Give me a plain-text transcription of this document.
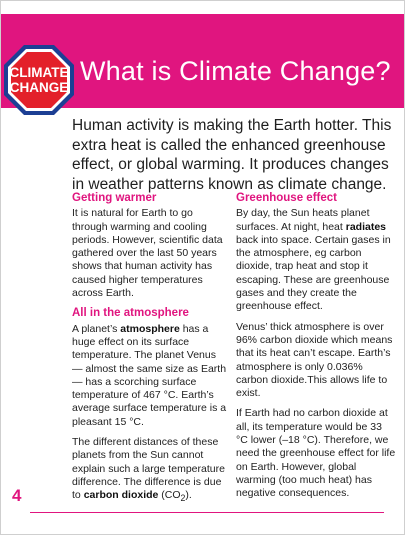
CLIMATE
CHANGE
What is Climate Change?
Human activity is making the Earth hotter. This extra heat is called the enhanced greenhouse effect, or global warming. It produces changes in weather patterns known as climate change.
Getting warmer

It is natural for Earth to go through warming and cooling periods. However, scientific data gathered over the last 50 years shows that human activity has caused higher temperatures across Earth.

All in the atmosphere

A planet’s atmosphere has a huge effect on its surface temperature. The planet Venus — almost the same size as Earth — has a scorching surface temperature of 467 °C. Earth’s average surface temperature is a pleasant 15 °C.

The different distances of these planets from the Sun cannot explain such a large temperature difference. The difference is due to carbon dioxide $(CO_2)$.

Greenhouse effect

By day, the Sun heats planet surfaces. At night, heat radiates back into space. Certain gases in the atmosphere, eg carbon dioxide, trap heat and stop it escaping. These are greenhouse gases and they create the greenhouse effect.

Venus’ thick atmosphere is over 96% carbon dioxide which means that its heat can’t escape. Earth’s atmosphere is only 0.036% carbon dioxide.This allows life to exist.

If Earth had no carbon dioxide at all, its temperature would be 33 °C lower (–18 °C). Therefore, we need the greenhouse effect for life on Earth. However, global warming (too much heat) has negative consequences.

4
